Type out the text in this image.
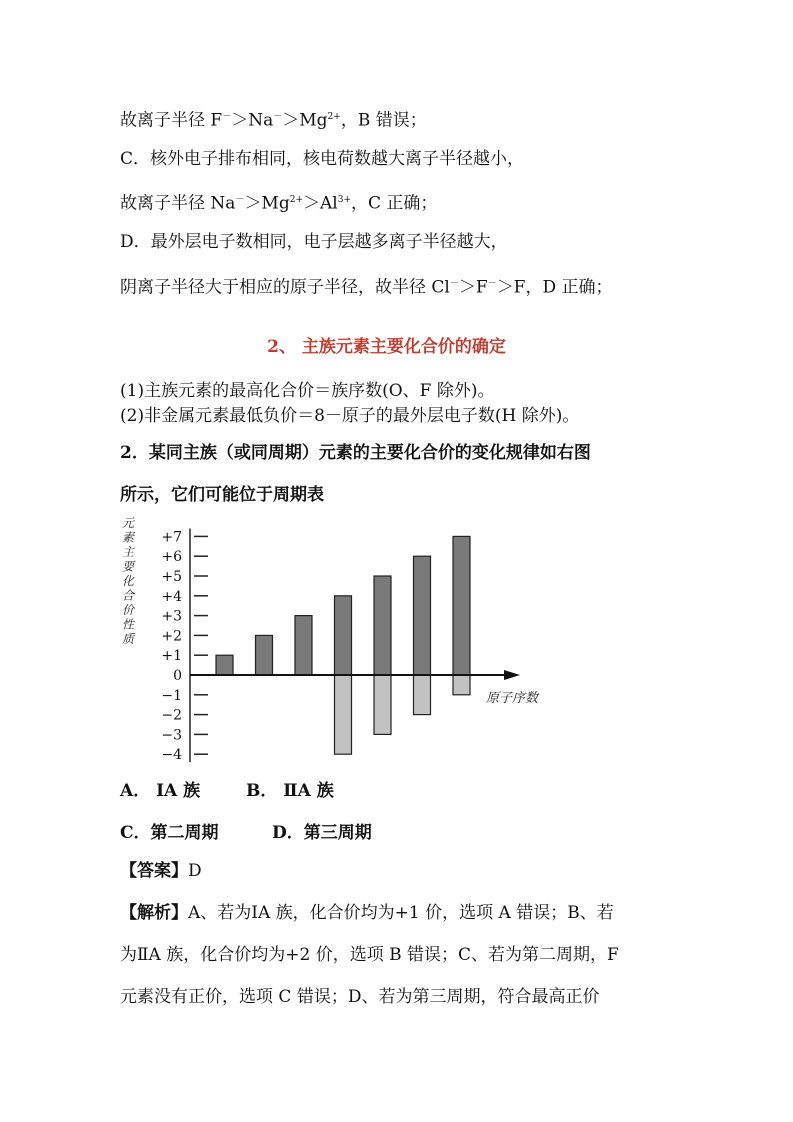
故离子半径 $F^->Na^->Mg^{2+}$，B 错误；
C．核外电子排布相同，核电荷数越大离子半径越小，
故离子半径 $Na^->Mg^{2+}>Al^{3+}$，C 正确；
D．最外层电子数相同，电子层越多离子半径越大，
阴离子半径大于相应的原子半径，故半径 Cl－＞F－＞F，D 正确；
2、 主族元素主要化合价的确定
(1)主族元素的最高化合价＝族序数(O、F 除外)。
(2)非金属元素最低负价＝8－原子的最外层电子数(H 除外)。
2．某同主族（或同周期）元素的主要化合价的变化规律如右图
所示，它们可能位于周期表
元
素
主
要
化
合
价
性
质
+7
+6
+5
+4
+3
+2
+1
0
−1
−2
−3
−4
原子序数
A． ⅠA 族	B． ⅡA 族
C．第二周期	D．第三周期
【答案】D
【解析】A、若为ⅠA 族，化合价均为+1 价，选项 A 错误；B、若
为ⅡA 族，化合价均为+2 价，选项 B 错误；C、若为第二周期，F
元素没有正价，选项 C 错误；D、若为第三周期，符合最高正价
